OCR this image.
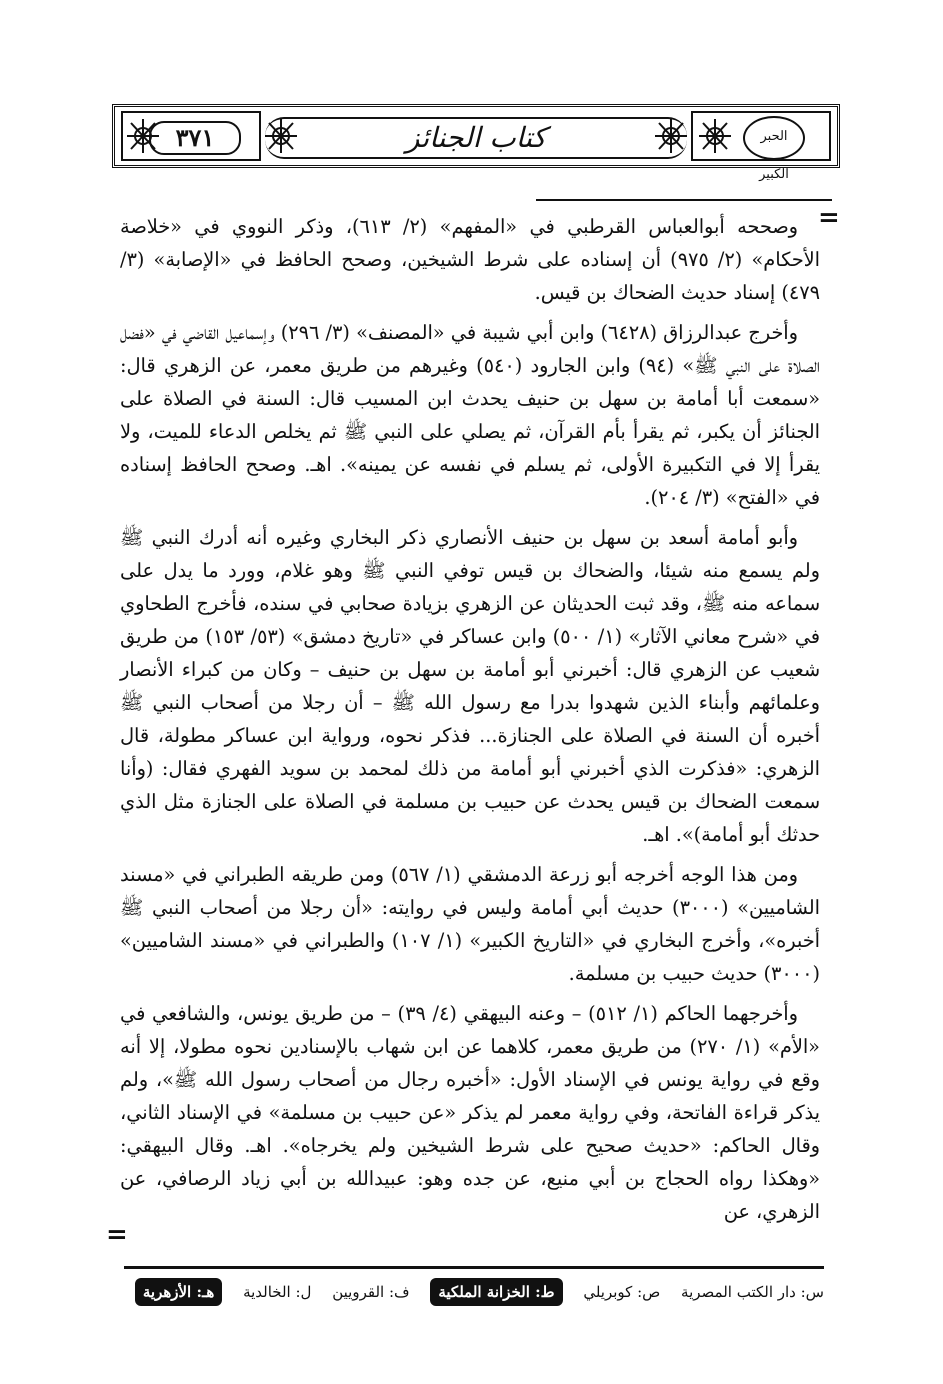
٣٧١	كتاب الجنائز	الحبر الكبير
=

وصححه أبوالعباس القرطبي في «المفهم» (٢/ ٦١٣)، وذكر النووي في «خلاصة الأحكام» (٢/ ٩٧٥) أن إسناده على شرط الشيخين، وصحح الحافظ في «الإصابة» (٣/ ٤٧٩) إسناد حديث الضحاك بن قيس.

وأخرج عبدالرزاق (٦٤٢٨) وابن أبي شيبة في «المصنف» (٣/ ٢٩٦) وإسماعيل القاضي في «فضل الصلاة على النبي ﷺ» (٩٤) وابن الجارود (٥٤٠) وغيرهم من طريق معمر، عن الزهري قال: «سمعت أبا أمامة بن سهل بن حنيف يحدث ابن المسيب قال: السنة في الصلاة على الجنائز أن يكبر، ثم يقرأ بأم القرآن، ثم يصلي على النبي ﷺ ثم يخلص الدعاء للميت، ولا يقرأ إلا في التكبيرة الأولى، ثم يسلم في نفسه عن يمينه». اهـ. وصحح الحافظ إسناده في «الفتح» (٣/ ٢٠٤).

وأبو أمامة أسعد بن سهل بن حنيف الأنصاري ذكر البخاري وغيره أنه أدرك النبي ﷺ ولم يسمع منه شيئا، والضحاك بن قيس توفي النبي ﷺ وهو غلام، وورد ما يدل على سماعه منه ﷺ، وقد ثبت الحديثان عن الزهري بزيادة صحابي في سنده، فأخرج الطحاوي في «شرح معاني الآثار» (١/ ٥٠٠) وابن عساكر في «تاريخ دمشق» (٥٣/ ١٥٣) من طريق شعيب عن الزهري قال: أخبرني أبو أمامة بن سهل بن حنيف – وكان من كبراء الأنصار وعلمائهم وأبناء الذين شهدوا بدرا مع رسول الله ﷺ – أن رجلا من أصحاب النبي ﷺ أخبره أن السنة في الصلاة على الجنازة... فذكر نحوه، ورواية ابن عساكر مطولة، قال الزهري: «فذكرت الذي أخبرني أبو أمامة من ذلك لمحمد بن سويد الفهري فقال: (وأنا سمعت الضحاك بن قيس يحدث عن حبيب بن مسلمة في الصلاة على الجنازة مثل الذي حدثك أبو أمامة)». اهـ.

ومن هذا الوجه أخرجه أبو زرعة الدمشقي (١/ ٥٦٧) ومن طريقه الطبراني في «مسند الشاميين» (٣٠٠٠) حديث أبي أمامة وليس في روايته: «أن رجلا من أصحاب النبي ﷺ أخبره»، وأخرج البخاري في «التاريخ الكبير» (١/ ١٠٧) والطبراني في «مسند الشاميين» (٣٠٠٠) حديث حبيب بن مسلمة.

وأخرجهما الحاكم (١/ ٥١٢) – وعنه البيهقي (٤/ ٣٩) – من طريق يونس، والشافعي في «الأم» (١/ ٢٧٠) من طريق معمر، كلاهما عن ابن شهاب بالإسنادين نحوه مطولا، إلا أنه وقع في رواية يونس في الإسناد الأول: «أخبره رجال من أصحاب رسول الله ﷺ»، ولم يذكر قراءة الفاتحة، وفي رواية معمر لم يذكر «عن حبيب بن مسلمة» في الإسناد الثاني، وقال الحاكم: «حديث صحيح على شرط الشيخين ولم يخرجاه». اهـ. وقال البيهقي: «وهكذا رواه الحجاج بن أبي منيع، عن جده وهو: عبيدالله بن أبي زياد الرصافي، عن الزهري، عن

=
س: دار الكتب المصرية ص: كوبريلي ط: الخزانة الملكية ف: القرويين ل: الخالدية هـ: الأزهرية
